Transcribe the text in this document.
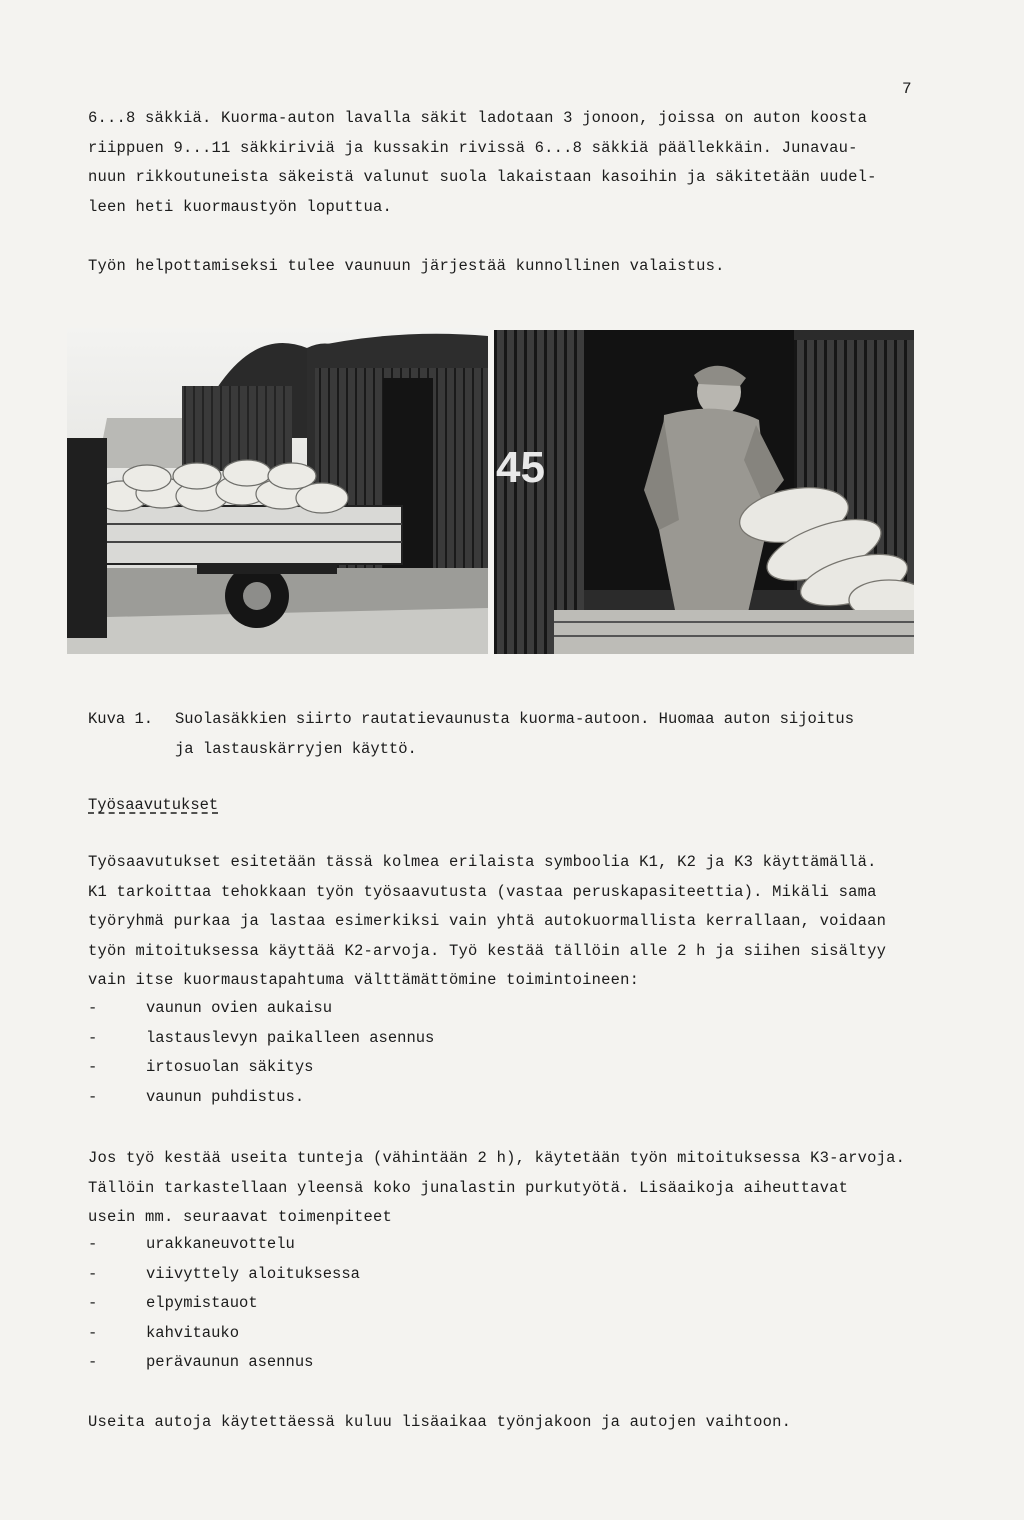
7
6...8 säkkiä. Kuorma-auton lavalla säkit ladotaan 3 jonoon, joissa on auton koosta
riippuen 9...11 säkkiriviä ja kussakin rivissä 6...8 säkkiä päällekkäin. Junavau-
nuun rikkoutuneista säkeistä valunut suola lakaistaan kasoihin ja säkitetään uudel-
leen heti kuormaustyön loputtua.
Työn helpottamiseksi tulee vaunuun järjestää kunnollinen valaistus.
45
Kuva 1. Suolasäkkien siirto rautatievaunusta kuorma-autoon. Huomaa auton sijoitus
ja lastauskärryjen käyttö.
Työsaavutukset
Työsaavutukset esitetään tässä kolmea erilaista symboolia K1, K2 ja K3 käyttämällä.
K1 tarkoittaa tehokkaan työn työsaavutusta (vastaa peruskapasiteettia). Mikäli sama
työryhmä purkaa ja lastaa esimerkiksi vain yhtä autokuormallista kerrallaan, voidaan
työn mitoituksessa käyttää K2-arvoja. Työ kestää tällöin alle 2 h ja siihen sisältyy
vain itse kuormaustapahtuma välttämättömine toimintoineen:
-	vaunun ovien aukaisu
-	lastauslevyn paikalleen asennus
-	irtosuolan säkitys
-	vaunun puhdistus.
Jos työ kestää useita tunteja (vähintään 2 h), käytetään työn mitoituksessa K3-arvoja.
Tällöin tarkastellaan yleensä koko junalastin purkutyötä. Lisäaikoja aiheuttavat
usein mm. seuraavat toimenpiteet
-	urakkaneuvottelu
-	viivyttely aloituksessa
-	elpymistauot
-	kahvitauko
-	perävaunun asennus
Useita autoja käytettäessä kuluu lisäaikaa työnjakoon ja autojen vaihtoon.
